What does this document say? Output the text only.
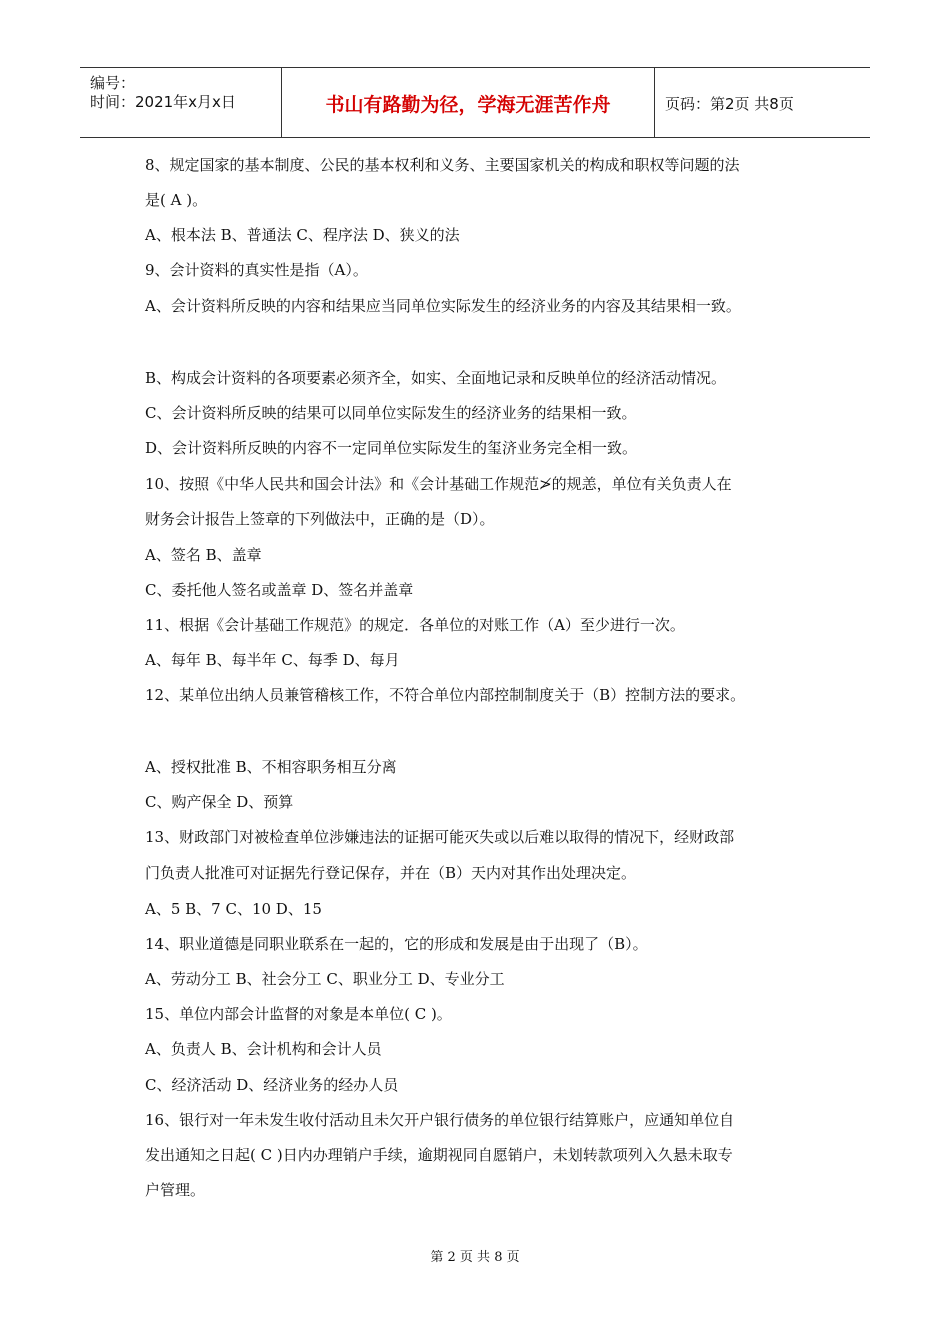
编号：
时间：2021年x月x日	书山有路勤为径，学海无涯苦作舟	页码：第2页 共8页
8、规定国家的基本制度、公民的基本权利和义务、主要国家机关的构成和职权等问题的法
是( A )。
A、根本法 B、普通法 C、程序法 D、狭义的法
9、会计资料的真实性是指（A）。
A、会计资料所反映的内容和结果应当同单位实际发生的经济业务的内容及其结果相一致。
B、构成会计资料的各项要素必须齐全，如实、全面地记录和反映单位的经济活动情况。
C、会计资料所反映的结果可以同单位实际发生的经济业务的结果相一致。
D、会计资料所反映的内容不一定同单位实际发生的玺济业务完全相一致。
10、按照《中华人民共和国会计法》和《会计基础工作规范≯的规恙，单位有关负责人在
财务会计报告上签章的下列做法中，正确的是（D）。
A、签名 B、盖章
C、委托他人签名或盖章 D、签名并盖章
11、根据《会计基础工作规范》的规定．各单位的对账工作（A）至少进行一次。
A、每年 B、每半年 C、每季 D、每月
12、某单位出纳人员兼管稽核工作，不符合单位内部控制制度关于（B）控制方法的要求。
A、授权批准 B、不相容职务相互分离
C、购产保全 D、预算
13、财政部门对被检查单位涉嫌违法的证据可能灭失或以后难以取得的情况下，经财政部
门负责人批准可对证据先行登记保存，并在（B）天内对其作出处理决定。
A、5 B、7 C、10 D、15
14、职业道德是同职业联系在一起的，它的形成和发展是由于出现了（B）。
A、劳动分工 B、社会分工 C、职业分工 D、专业分工
15、单位内部会计监督的对象是本单位( C )。
A、负责人 B、会计机构和会计人员
C、经济活动 D、经济业务的经办人员
16、银行对一年未发生收付活动且未欠开户银行债务的单位银行结算账户，应通知单位自
发出通知之日起( C )日内办理销户手续，逾期视同自愿销户，未划转款项列入久悬未取专
户管理。
第 2 页 共 8 页
